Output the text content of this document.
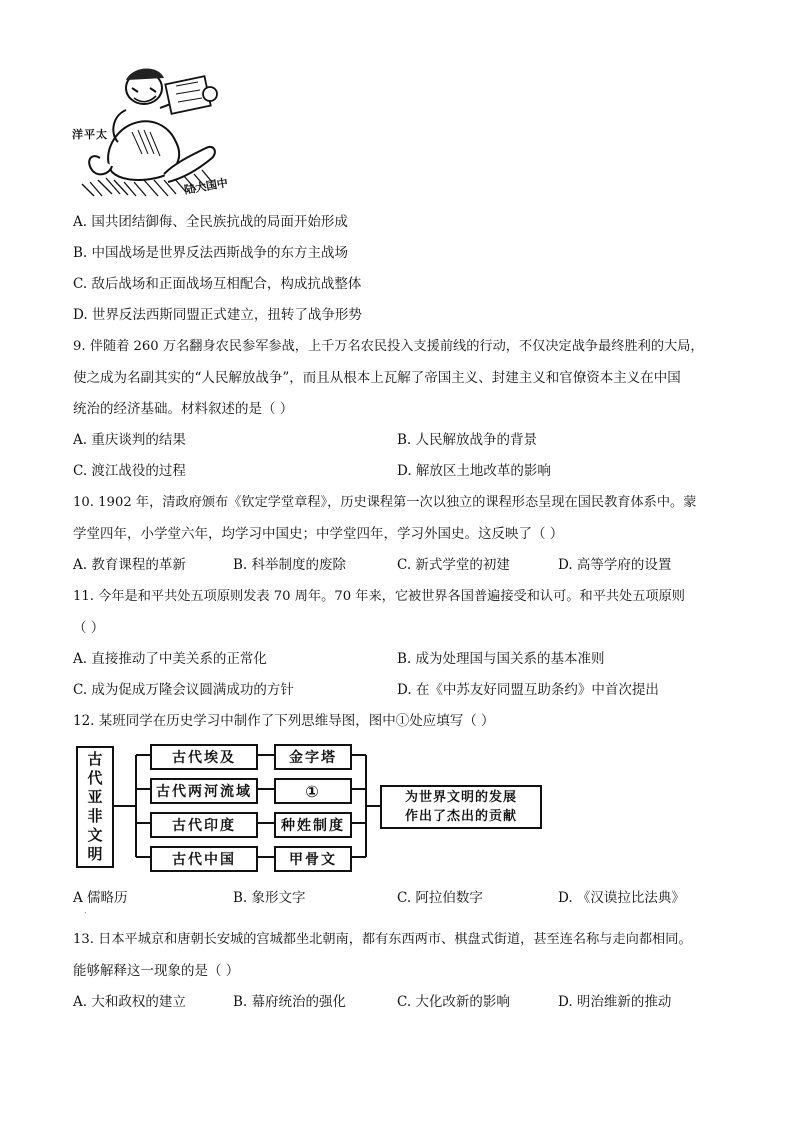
洋平太
陆大国中
A. 国共团结御侮、全民族抗战的局面开始形成
B. 中国战场是世界反法西斯战争的东方主战场
C. 敌后战场和正面战场互相配合，构成抗战整体
D. 世界反法西斯同盟正式建立，扭转了战争形势
9. 伴随着 260 万名翻身农民参军参战，上千万名农民投入支援前线的行动，不仅决定战争最终胜利的大局，
使之成为名副其实的“人民解放战争”，而且从根本上瓦解了帝国主义、封建主义和官僚资本主义在中国
统治的经济基础。材料叙述的是（ ）
A. 重庆谈判的结果	B. 人民解放战争的背景
C. 渡江战役的过程	D. 解放区土地改革的影响
10. 1902 年，清政府颁布《钦定学堂章程》，历史课程第一次以独立的课程形态呈现在国民教育体系中。蒙
学堂四年，小学堂六年，均学习中国史；中学堂四年，学习外国史。这反映了（ ）
A. 教育课程的革新	B. 科举制度的废除	C. 新式学堂的初建	D. 高等学府的设置
11. 今年是和平共处五项原则发表 70 周年。70 年来，它被世界各国普遍接受和认可。和平共处五项原则
（ ）
A. 直接推动了中美关系的正常化	B. 成为处理国与国关系的基本准则
C. 成为促成万隆会议圆满成功的方针	D. 在《中苏友好同盟互助条约》中首次提出
12. 某班同学在历史学习中制作了下列思维导图，图中①处应填写（ ）
古
代
亚
非
文
明
古代埃及
古代两河流域
古代印度
古代中国
金字塔
①
种姓制度
甲骨文
为世界文明的发展
作出了杰出的贡献
A 儒略历	B. 象形文字	C. 阿拉伯数字	D. 《汉谟拉比法典》
.
13. 日本平城京和唐朝长安城的宫城都坐北朝南，都有东西两市、棋盘式街道，甚至连名称与走向都相同。
能够解释这一现象的是（ ）
A. 大和政权的建立	B. 幕府统治的强化	C. 大化改新的影响	D. 明治维新的推动
